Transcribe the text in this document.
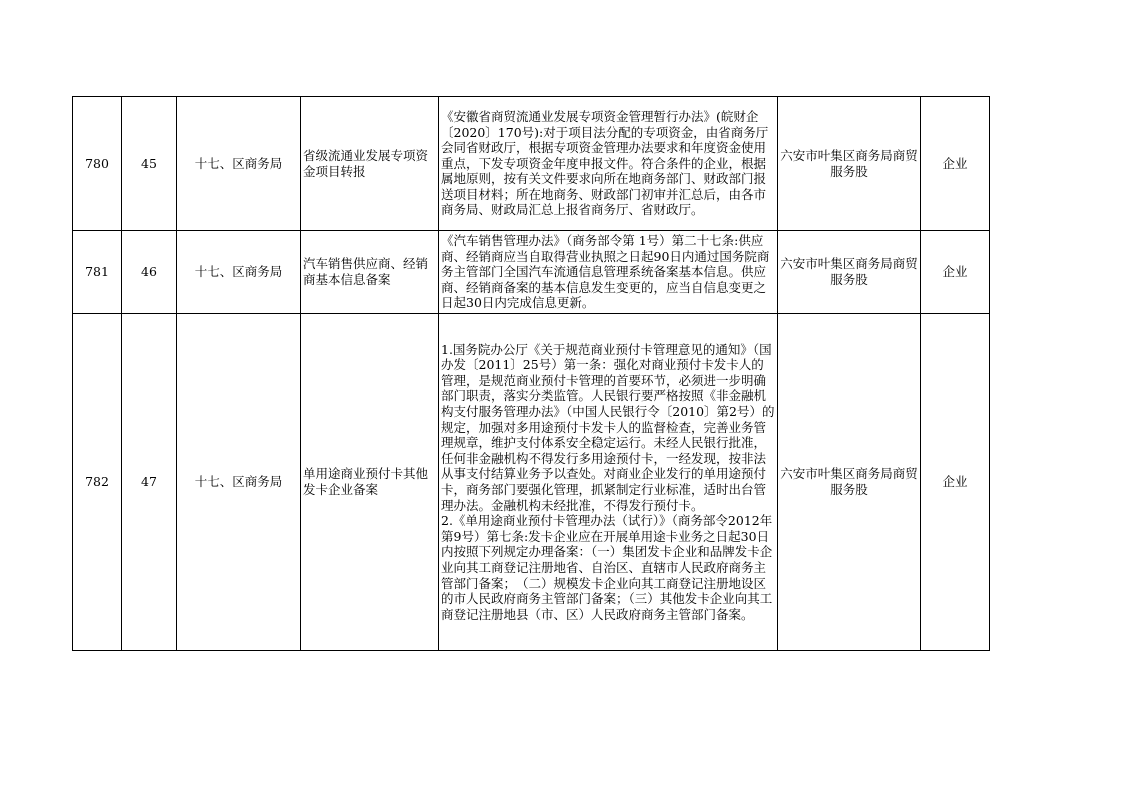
780	45	十七、区商务局	省级流通业发展专项资金项目转报	《安徽省商贸流通业发展专项资金管理暂行办法》(皖财企〔2020〕170号):对于项目法分配的专项资金，由省商务厅会同省财政厅，根据专项资金管理办法要求和年度资金使用重点，下发专项资金年度申报文件。符合条件的企业，根据属地原则，按有关文件要求向所在地商务部门、财政部门报送项目材料；所在地商务、财政部门初审并汇总后，由各市商务局、财政局汇总上报省商务厅、省财政厅。	六安市叶集区商务局商贸服务股	企业
781	46	十七、区商务局	汽车销售供应商、经销商基本信息备案	《汽车销售管理办法》（商务部令第 1号）第二十七条:供应商、经销商应当自取得营业执照之日起90日内通过国务院商务主管部门全国汽车流通信息管理系统备案基本信息。供应商、经销商备案的基本信息发生变更的，应当自信息变更之日起30日内完成信息更新。	六安市叶集区商务局商贸服务股	企业
782	47	十七、区商务局	单用途商业预付卡其他发卡企业备案	1.国务院办公厅《关于规范商业预付卡管理意见的通知》（国办发〔2011〕25号）第一条：强化对商业预付卡发卡人的管理，是规范商业预付卡管理的首要环节，必须进一步明确部门职责，落实分类监管。人民银行要严格按照《非金融机构支付服务管理办法》（中国人民银行令〔2010〕第2号）的规定，加强对多用途预付卡发卡人的监督检查，完善业务管理规章，维护支付体系安全稳定运行。未经人民银行批准，任何非金融机构不得发行多用途预付卡，一经发现，按非法从事支付结算业务予以查处。对商业企业发行的单用途预付卡，商务部门要强化管理，抓紧制定行业标准，适时出台管理办法。金融机构未经批准，不得发行预付卡。
2.《单用途商业预付卡管理办法（试行）》（商务部令2012年第9号）第七条:发卡企业应在开展单用途卡业务之日起30日内按照下列规定办理备案：（一）集团发卡企业和品牌发卡企业向其工商登记注册地省、自治区、直辖市人民政府商务主管部门备案；　（二）规模发卡企业向其工商登记注册地设区的市人民政府商务主管部门备案；（三）其他发卡企业向其工商登记注册地县（市、区）人民政府商务主管部门备案。	六安市叶集区商务局商贸服务股	企业
